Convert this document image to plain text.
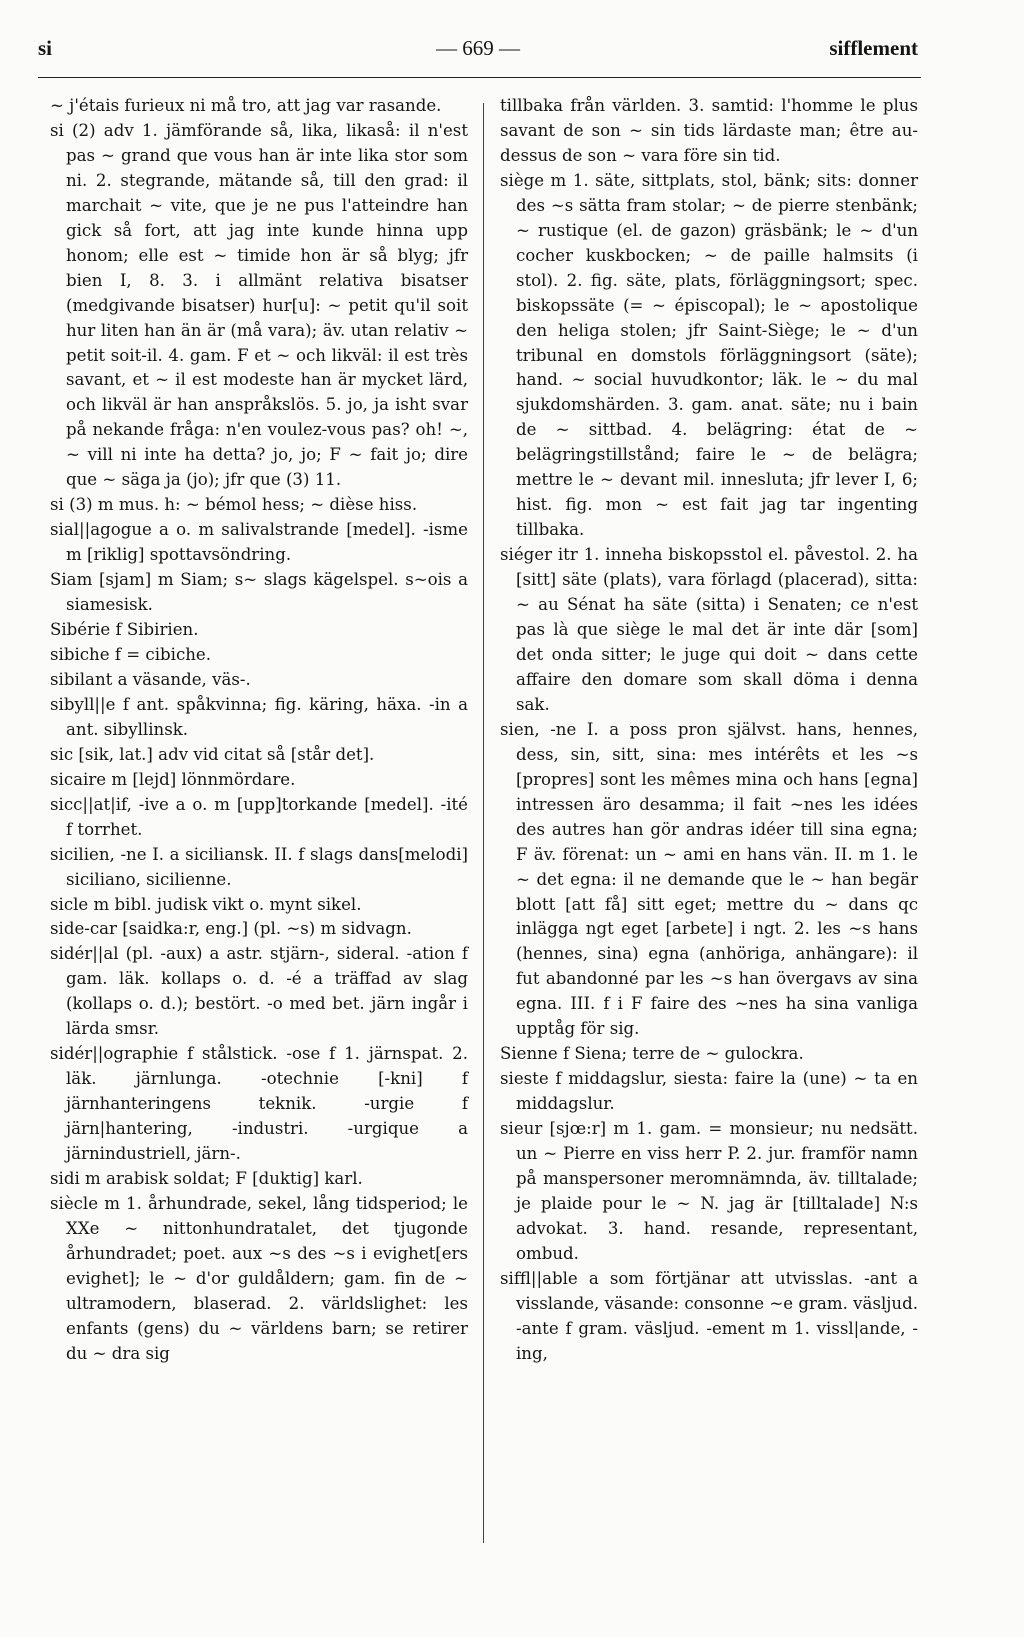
si	— 669 —	sifflement

~ j'étais furieux ni må tro, att jag var rasande.

si (2) adv 1. jämförande så, lika, likaså: il n'est pas ~ grand que vous han är inte lika stor som ni. 2. stegrande, mätande så, till den grad: il marchait ~ vite, que je ne pus l'atteindre han gick så fort, att jag inte kunde hinna upp honom; elle est ~ timide hon är så blyg; jfr bien I, 8. 3. i allmänt relativa bisatser (medgivande bisatser) hur[u]: ~ petit qu'il soit hur liten han än är (må vara); äv. utan relativ ~ petit soit-il. 4. gam. F et ~ och likväl: il est très savant, et ~ il est modeste han är mycket lärd, och likväl är han anspråkslös. 5. jo, ja isht svar på nekande fråga: n'en voulez-vous pas? oh! ~, ~ vill ni inte ha detta? jo, jo; F ~ fait jo; dire que ~ säga ja (jo); jfr que (3) 11.

si (3) m mus. h: ~ bémol hess; ~ dièse hiss.

sial||agogue a o. m salivalstrande [medel]. -isme m [riklig] spottavsöndring.

Siam [sjam] m Siam; s~ slags kägelspel. s~ois a siamesisk.

Sibérie f Sibirien.

sibiche f = cibiche.

sibilant a väsande, väs-.

sibyll||e f ant. spåkvinna; fig. käring, häxa. -in a ant. sibyllinsk.

sic [sik, lat.] adv vid citat så [står det].

sicaire m [lejd] lönnmördare.

sicc||at|if, -ive a o. m [upp]torkande [medel]. -ité f torrhet.

sicilien, -ne I. a siciliansk. II. f slags dans[melodi] siciliano, sicilienne.

sicle m bibl. judisk vikt o. mynt sikel.

side-car [saidka:r, eng.] (pl. ~s) m sidvagn.

sidér||al (pl. -aux) a astr. stjärn-, sideral. -ation f gam. läk. kollaps o. d. -é a träffad av slag (kollaps o. d.); bestört. -o med bet. järn ingår i lärda smsr.

sidér||ographie f stålstick. -ose f 1. järnspat. 2. läk. järnlunga. -otechnie [-kni] f järnhanteringens teknik. -urgie f järn|hantering, -industri. -urgique a järnindustriell, järn-.

sidi m arabisk soldat; F [duktig] karl.

siècle m 1. århundrade, sekel, lång tidsperiod; le XXe ~ nittonhundratalet, det tjugonde århundradet; poet. aux ~s des ~s i evighet[ers evighet]; le ~ d'or guldåldern; gam. fin de ~ ultramodern, blaserad. 2. världslighet: les enfants (gens) du ~ världens barn; se retirer du ~ dra sig

tillbaka från världen. 3. samtid: l'homme le plus savant de son ~ sin tids lärdaste man; être au-dessus de son ~ vara före sin tid.

siège m 1. säte, sittplats, stol, bänk; sits: donner des ~s sätta fram stolar; ~ de pierre stenbänk; ~ rustique (el. de gazon) gräsbänk; le ~ d'un cocher kuskbocken; ~ de paille halmsits (i stol). 2. fig. säte, plats, förläggningsort; spec. biskopssäte (= ~ épiscopal); le ~ apostolique den heliga stolen; jfr Saint-Siège; le ~ d'un tribunal en domstols förläggningsort (säte); hand. ~ social huvudkontor; läk. le ~ du mal sjukdomshärden. 3. gam. anat. säte; nu i bain de ~ sittbad. 4. belägring: état de ~ belägringstillstånd; faire le ~ de belägra; mettre le ~ devant mil. innesluta; jfr lever I, 6; hist. fig. mon ~ est fait jag tar ingenting tillbaka.

siéger itr 1. inneha biskopsstol el. påvestol. 2. ha [sitt] säte (plats), vara förlagd (placerad), sitta: ~ au Sénat ha säte (sitta) i Senaten; ce n'est pas là que siège le mal det är inte där [som] det onda sitter; le juge qui doit ~ dans cette affaire den domare som skall döma i denna sak.

sien, -ne I. a poss pron självst. hans, hennes, dess, sin, sitt, sina: mes intérêts et les ~s [propres] sont les mêmes mina och hans [egna] intressen äro desamma; il fait ~nes les idées des autres han gör andras idéer till sina egna; F äv. förenat: un ~ ami en hans vän. II. m 1. le ~ det egna: il ne demande que le ~ han begär blott [att få] sitt eget; mettre du ~ dans qc inlägga ngt eget [arbete] i ngt. 2. les ~s hans (hennes, sina) egna (anhöriga, anhängare): il fut abandonné par les ~s han övergavs av sina egna. III. f i F faire des ~nes ha sina vanliga upptåg för sig.

Sienne f Siena; terre de ~ gulockra.

sieste f middagslur, siesta: faire la (une) ~ ta en middagslur.

sieur [sjœ:r] m 1. gam. = monsieur; nu nedsätt. un ~ Pierre en viss herr P. 2. jur. framför namn på manspersoner meromnämnda, äv. tilltalade; je plaide pour le ~ N. jag är [tilltalade] N:s advokat. 3. hand. resande, representant, ombud.

siffl||able a som förtjänar att utvisslas. -ant a visslande, väsande: consonne ~e gram. väsljud. -ante f gram. väsljud. -ement m 1. vissl|ande, -ing,
